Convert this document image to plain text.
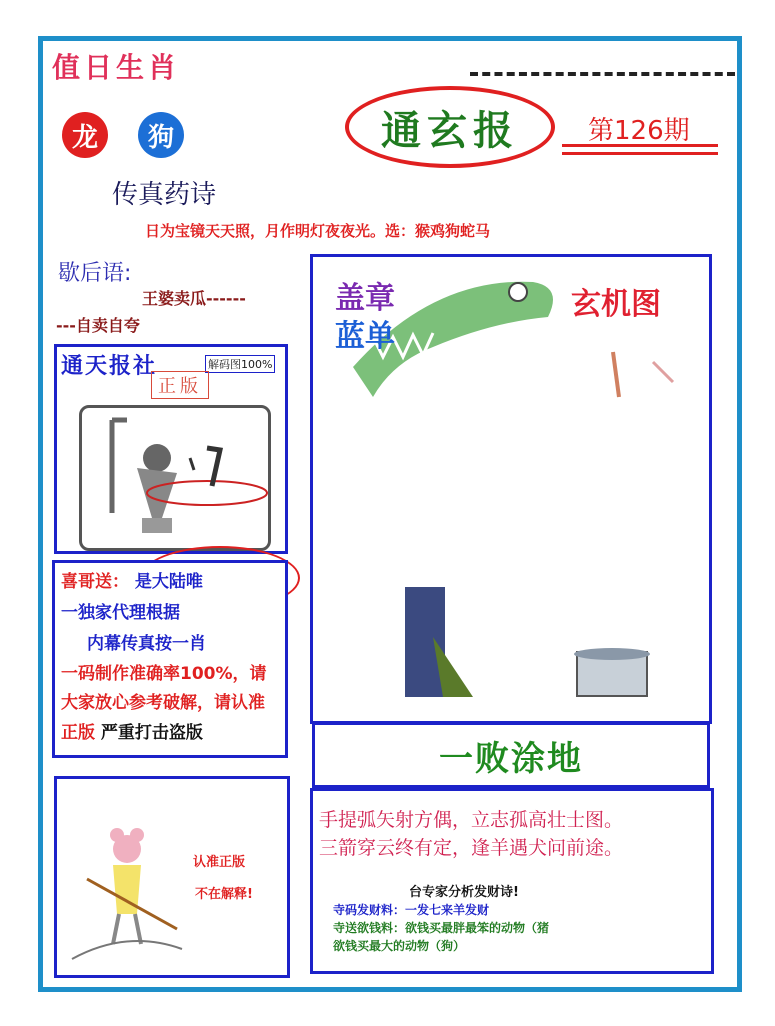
值日生肖
龙	狗
传真药诗
通玄报	第126期
日为宝镜天天照，月作明灯夜夜光。选：猴鸡狗蛇马
歇后语:
王婆卖瓜------
---自卖自夸
通天报社	解码图100%
正版
喜哥送： 是大陆唯
一独家代理根据
内幕传真按一肖
一码制作准确率100%，请大家放心参考破解，请认准
正版 严重打击盗版
认准正版
不在解释!
盖章
蓝单
玄机图
一败涂地
手提弧矢射方偶，立志孤高壮士图。
三箭穿云终有定，逢羊遇犬问前途。
台专家分析发财诗!
寺码发财料：一发七来羊发财
寺送欲钱料：欲钱买最胖最笨的动物（猪
欲钱买最大的动物（狗）
